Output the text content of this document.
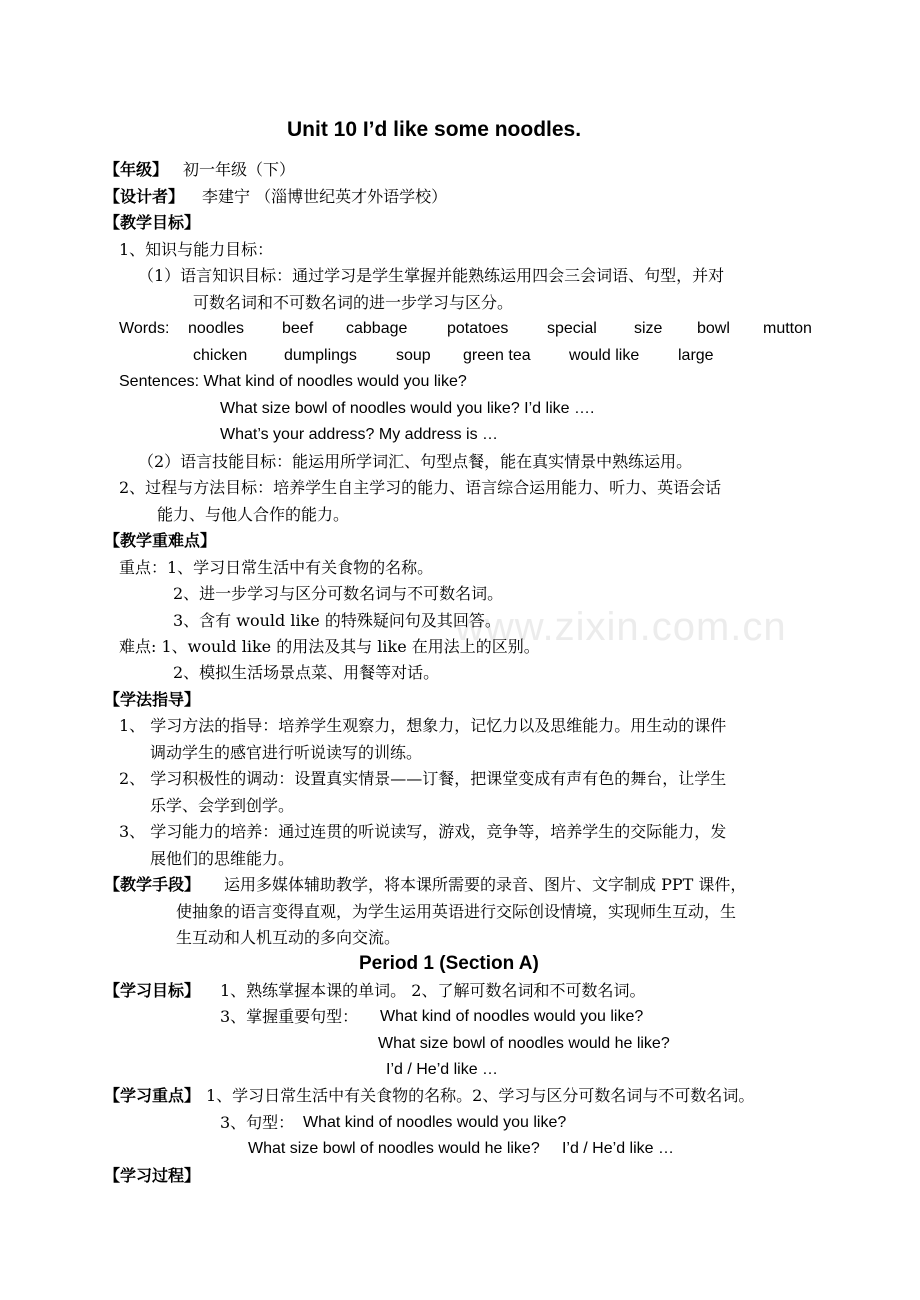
www.zixin.com.cn
Unit 10 I’d like some noodles.
【年级】 初一年级（下）
【设计者】 李建宁 （淄博世纪英才外语学校）
【教学目标】
1、知识与能力目标：
（1）语言知识目标：通过学习是学生掌握并能熟练运用四会三会词语、句型，并对
可数名词和不可数名词的进一步学习与区分。
Words: noodles beef cabbage potatoes special size bowl mutton
chicken dumplings soup green tea would like large
Sentences: What kind of noodles would you like?
What size bowl of noodles would you like? I’d like ….
What’s your address? My address is …
（2）语言技能目标：能运用所学词汇、句型点餐，能在真实情景中熟练运用。
2、过程与方法目标：培养学生自主学习的能力、语言综合运用能力、听力、英语会话
能力、与他人合作的能力。
【教学重难点】
重点：1、学习日常生活中有关食物的名称。
2、进一步学习与区分可数名词与不可数名词。
3、含有 would like 的特殊疑问句及其回答。
难点: 1、would like 的用法及其与 like 在用法上的区别。
2、模拟生活场景点菜、用餐等对话。
【学法指导】
1、 学习方法的指导：培养学生观察力，想象力，记忆力以及思维能力。用生动的课件
调动学生的感官进行听说读写的训练。
2、 学习积极性的调动：设置真实情景——订餐，把课堂变成有声有色的舞台，让学生
乐学、会学到创学。
3、 学习能力的培养：通过连贯的听说读写，游戏，竞争等，培养学生的交际能力，发
展他们的思维能力。
【教学手段】 运用多媒体辅助教学，将本课所需要的录音、图片、文字制成 PPT 课件，
使抽象的语言变得直观，为学生运用英语进行交际创设情境，实现师生互动，生
生互动和人机互动的多向交流。
Period 1 (Section A)
【学习目标】 1、熟练掌握本课的单词。 2、了解可数名词和不可数名词。
3、掌握重要句型： What kind of noodles would you like?
What size bowl of noodles would he like?
I’d / He’d like …
【学习重点】 1、学习日常生活中有关食物的名称。2、学习与区分可数名词与不可数名词。
3、句型： What kind of noodles would you like?
What size bowl of noodles would he like?     I’d / He’d like …
【学习过程】
